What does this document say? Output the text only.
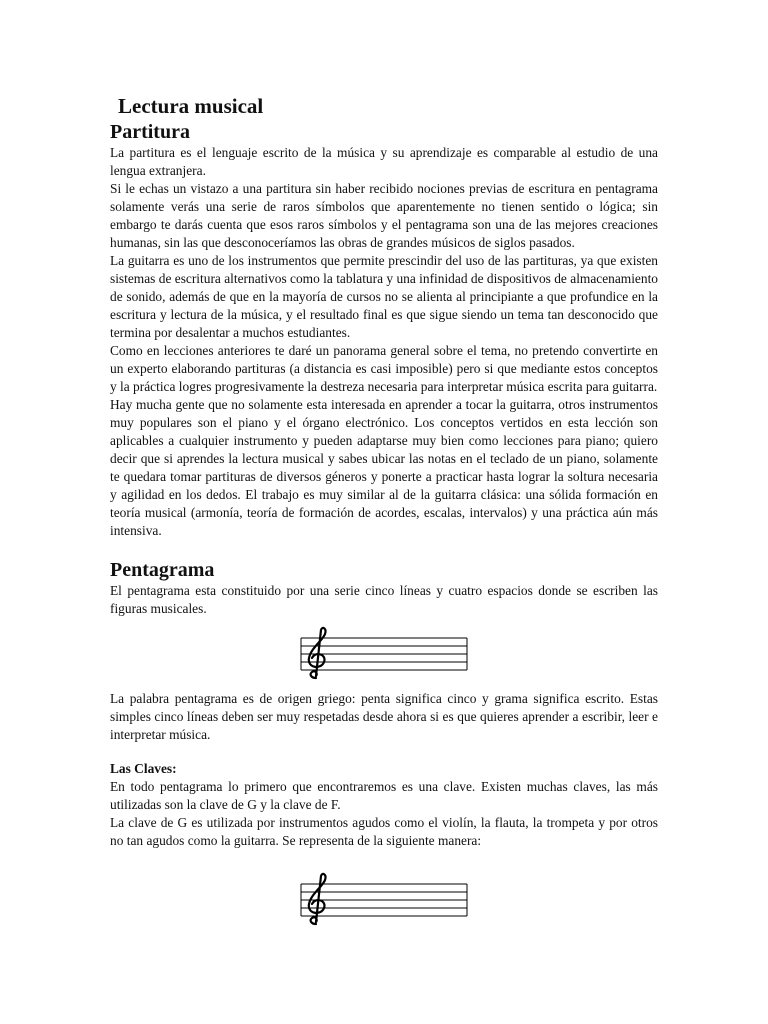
Lectura musical
Partitura

La partitura es el lenguaje escrito de la música y su aprendizaje es comparable al estudio de una lengua extranjera.

Si le echas un vistazo a una partitura sin haber recibido nociones previas de escritura en pentagrama solamente verás una serie de raros símbolos que aparentemente no tienen sentido o lógica; sin embargo te darás cuenta que esos raros símbolos y el pentagrama son una de las mejores creaciones humanas, sin las que desconoceríamos las obras de grandes músicos de siglos pasados.

La guitarra es uno de los instrumentos que permite prescindir del uso de las partituras, ya que existen sistemas de escritura alternativos como la tablatura y una infinidad de dispositivos de almacenamiento de sonido, además de que en la mayoría de cursos no se alienta al principiante a que profundice en la escritura y lectura de la música, y el resultado final es que sigue siendo un tema tan desconocido que termina por desalentar a muchos estudiantes.

Como en lecciones anteriores te daré un panorama general sobre el tema, no pretendo convertirte en un experto elaborando partituras (a distancia es casi imposible) pero si que mediante estos conceptos y la práctica logres progresivamente la destreza necesaria para interpretar música escrita para guitarra.

Hay mucha gente que no solamente esta interesada en aprender a tocar la guitarra, otros instrumentos muy populares son el piano y el órgano electrónico. Los conceptos vertidos en esta lección son aplicables a cualquier instrumento y pueden adaptarse muy bien como lecciones para piano; quiero decir que si aprendes la lectura musical y sabes ubicar las notas en el teclado de un piano, solamente te quedara tomar partituras de diversos géneros y ponerte a practicar hasta lograr la soltura necesaria y agilidad en los dedos. El trabajo es muy similar al de la guitarra clásica: una sólida formación en teoría musical (armonía, teoría de formación de acordes, escalas, intervalos) y una práctica aún más intensiva.

Pentagrama

El pentagrama esta constituido por una serie cinco líneas y cuatro espacios donde se escriben las figuras musicales.

La palabra pentagrama es de origen griego: penta significa cinco y grama significa escrito. Estas simples cinco líneas deben ser muy respetadas desde ahora si es que quieres aprender a escribir, leer e interpretar música.

Las Claves:

En todo pentagrama lo primero que encontraremos es una clave. Existen muchas claves, las más utilizadas son la clave de G y la clave de F.

La clave de G es utilizada por instrumentos agudos como el violín, la flauta, la trompeta y por otros no tan agudos como la guitarra. Se representa de la siguiente manera:
